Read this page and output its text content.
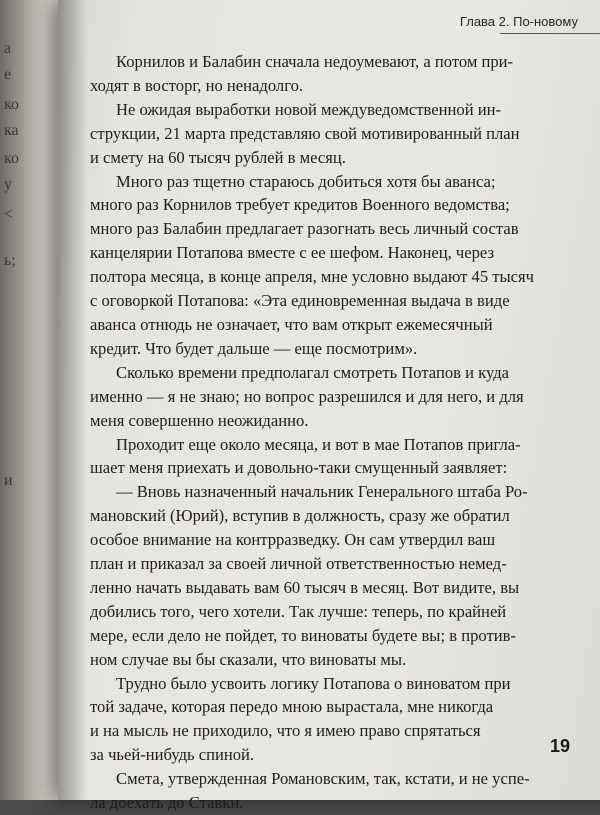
а
е
ко
ка
ко
у
<
ь;
и
Глава 2. По-новому
Корнилов и Балабин сначала недоумевают, а потом при-
ходят в восторг, но ненадолго.
Не ожидая выработки новой междуведомственной ин-
струкции, 21 марта представляю свой мотивированный план
и смету на 60 тысяч рублей в месяц.
Много раз тщетно стараюсь добиться хотя бы аванса;
много раз Корнилов требует кредитов Военного ведомства;
много раз Балабин предлагает разогнать весь личный состав
канцелярии Потапова вместе с ее шефом. Наконец, через
полтора месяца, в конце апреля, мне условно выдают 45 тысяч
с оговоркой Потапова: «Эта единовременная выдача в виде
аванса отнюдь не означает, что вам открыт ежемесячный
кредит. Что будет дальше — еще посмотрим».
Сколько времени предполагал смотреть Потапов и куда
именно — я не знаю; но вопрос разрешился и для него, и для
меня совершенно неожиданно.
Проходит еще около месяца, и вот в мае Потапов пригла-
шает меня приехать и довольно-таки смущенный заявляет:
— Вновь назначенный начальник Генерального штаба Ро-
мановский (Юрий), вступив в должность, сразу же обратил
особое внимание на контрразведку. Он сам утвердил ваш
план и приказал за своей личной ответственностью немед-
ленно начать выдавать вам 60 тысяч в месяц. Вот видите, вы
добились того, чего хотели. Так лучше: теперь, по крайней
мере, если дело не пойдет, то виноваты будете вы; в против-
ном случае вы бы сказали, что виноваты мы.
Трудно было усвоить логику Потапова о виноватом при
той задаче, которая передо мною вырастала, мне никогда
и на мысль не приходило, что я имею право спрятаться
за чьей-нибудь спиной.
Смета, утвержденная Романовским, так, кстати, и не успе-
ла доехать до Ставки.
19
